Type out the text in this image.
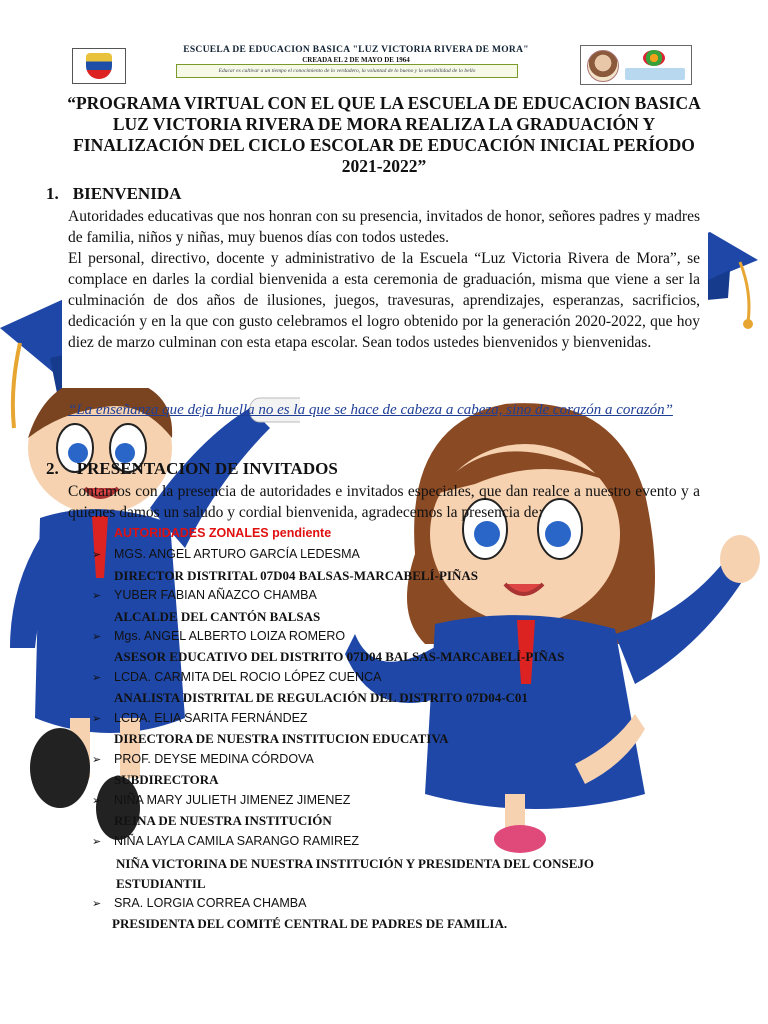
ESCUELA DE EDUCACION BASICA "LUZ VICTORIA RIVERA DE MORA"
CREADA EL 2 DE MAYO DE 1964
Educar es cultivar a un tiempo el conocimiento de lo verdadero, la voluntad de lo bueno y la sensibilidad de lo bello
“PROGRAMA VIRTUAL CON EL QUE LA ESCUELA DE EDUCACION BASICA LUZ VICTORIA RIVERA DE MORA REALIZA LA GRADUACIÓN Y FINALIZACIÓN DEL CICLO ESCOLAR DE EDUCACIÓN INICIAL PERÍODO 2021-2022”
1. BIENVENIDA
Autoridades educativas que nos honran con su presencia, invitados de honor, señores padres y madres de familia, niños y niñas, muy buenos días con todos ustedes.
El personal, directivo, docente y administrativo de la Escuela “Luz Victoria Rivera de Mora”, se complace en darles la cordial bienvenida a esta ceremonia de graduación, misma que viene a ser la culminación de dos años de ilusiones, juegos, travesuras, aprendizajes, esperanzas, sacrificios, dedicación y en la que con gusto celebramos el logro obtenido por la generación 2020-2022, que hoy diez de marzo culminan con esta etapa escolar. Sean todos ustedes bienvenidos y bienvenidas.
“La enseñanza que deja huella no es la que se hace de cabeza a cabeza, sino de corazón a corazón”
2. PRESENTACION DE INVITADOS
Contamos con la presencia de autoridades e invitados especiales, que dan realce a nuestro evento y a quienes damos un saludo y cordial bienvenida, agradecemos la presencia de:
AUTORIDADES ZONALES pendiente
➢ MGS. ANGEL ARTURO GARCÍA LEDESMA
DIRECTOR DISTRITAL 07D04 BALSAS-MARCABELÍ-PIÑAS
➢ YUBER FABIAN AÑAZCO CHAMBA
ALCALDE DEL CANTÓN BALSAS
➢ Mgs. ANGEL ALBERTO LOIZA ROMERO
ASESOR EDUCATIVO DEL DISTRITO 07D04 BALSAS-MARCABELÍ-PIÑAS
➢ LCDA. CARMITA DEL ROCIO LÓPEZ CUENCA
ANALISTA DISTRITAL DE REGULACIÓN DEL DISTRITO 07D04-C01
➢ LCDA. ELIA SARITA FERNÁNDEZ
DIRECTORA DE NUESTRA INSTITUCION EDUCATIVA
➢ PROF. DEYSE MEDINA CÓRDOVA
SUBDIRECTORA
➢ NIÑA MARY JULIETH JIMENEZ JIMENEZ
REINA DE NUESTRA INSTITUCIÓN
➢ NIÑA LAYLA CAMILA SARANGO RAMIREZ
NIÑA VICTORINA DE NUESTRA INSTITUCIÓN Y PRESIDENTA DEL CONSEJO ESTUDIANTIL
➢ SRA. LORGIA CORREA CHAMBA
PRESIDENTA DEL COMITÉ CENTRAL DE PADRES DE FAMILIA.
